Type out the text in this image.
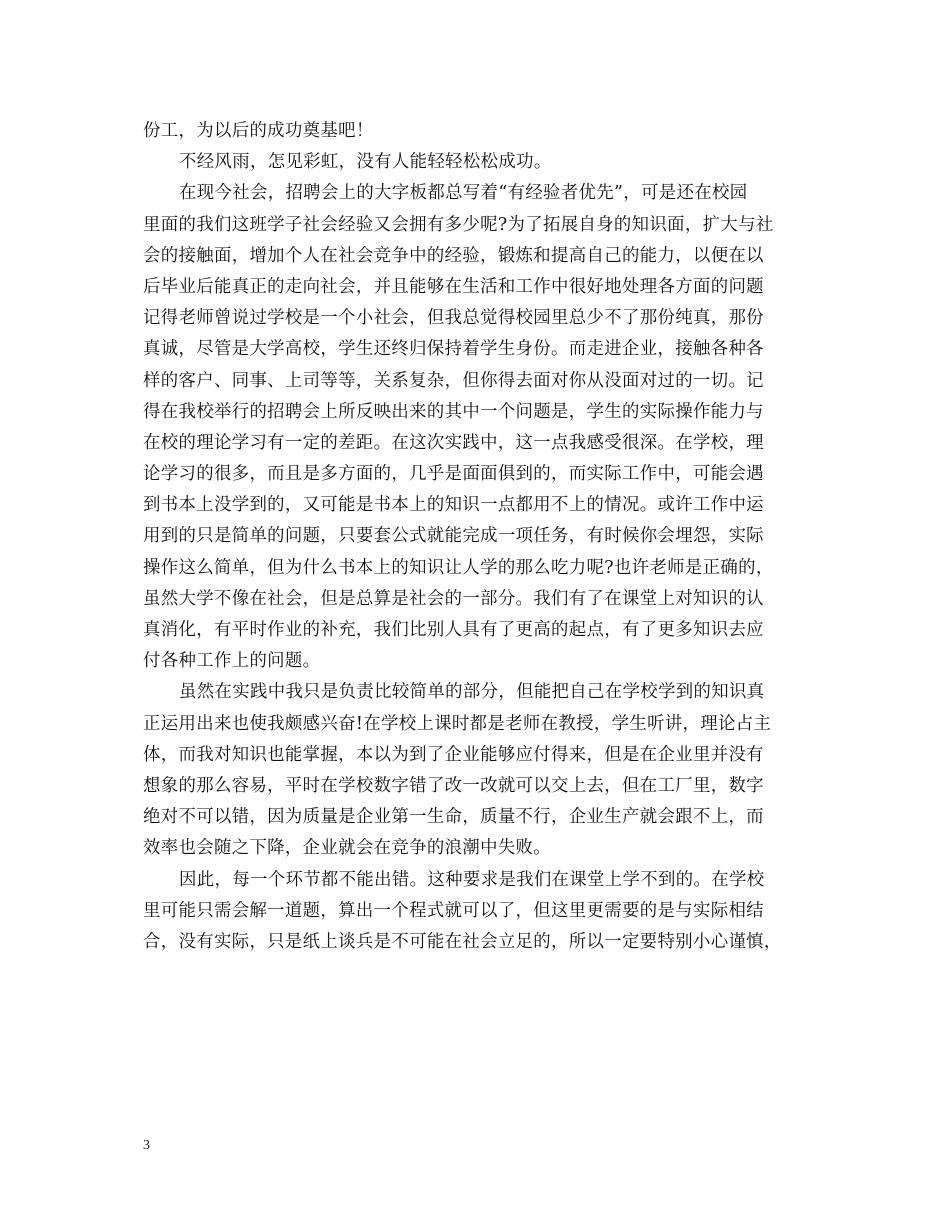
份工，为以后的成功奠基吧！
不经风雨，怎见彩虹，没有人能轻轻松松成功。
在现今社会，招聘会上的大字板都总写着“有经验者优先”，可是还在校园
里面的我们这班学子社会经验又会拥有多少呢?为了拓展自身的知识面，扩大与社
会的接触面，增加个人在社会竞争中的经验，锻炼和提高自己的能力，以便在以
后毕业后能真正的走向社会，并且能够在生活和工作中很好地处理各方面的问题
记得老师曾说过学校是一个小社会，但我总觉得校园里总少不了那份纯真，那份
真诚，尽管是大学高校，学生还终归保持着学生身份。而走进企业，接触各种各
样的客户、同事、上司等等，关系复杂，但你得去面对你从没面对过的一切。记
得在我校举行的招聘会上所反映出来的其中一个问题是，学生的实际操作能力与
在校的理论学习有一定的差距。在这次实践中，这一点我感受很深。在学校，理
论学习的很多，而且是多方面的，几乎是面面俱到的，而实际工作中，可能会遇
到书本上没学到的，又可能是书本上的知识一点都用不上的情况。或许工作中运
用到的只是简单的问题，只要套公式就能完成一项任务，有时候你会埋怨，实际
操作这么简单，但为什么书本上的知识让人学的那么吃力呢?也许老师是正确的，
虽然大学不像在社会，但是总算是社会的一部分。我们有了在课堂上对知识的认
真消化，有平时作业的补充，我们比别人具有了更高的起点，有了更多知识去应
付各种工作上的问题。
虽然在实践中我只是负责比较简单的部分，但能把自己在学校学到的知识真
正运用出来也使我颇感兴奋!在学校上课时都是老师在教授，学生听讲，理论占主
体，而我对知识也能掌握，本以为到了企业能够应付得来，但是在企业里并没有
想象的那么容易，平时在学校数字错了改一改就可以交上去，但在工厂里，数字
绝对不可以错，因为质量是企业第一生命，质量不行，企业生产就会跟不上，而
效率也会随之下降，企业就会在竞争的浪潮中失败。
因此，每一个环节都不能出错。这种要求是我们在课堂上学不到的。在学校
里可能只需会解一道题，算出一个程式就可以了，但这里更需要的是与实际相结
合，没有实际，只是纸上谈兵是不可能在社会立足的，所以一定要特别小心谨慎，
3
